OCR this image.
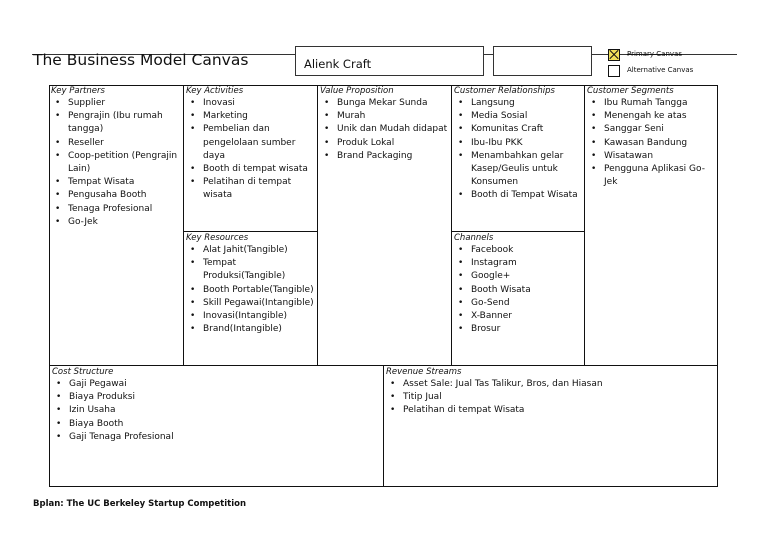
The Business Model Canvas	Alienk Craft
Primary Canvas
Alternative Canvas
Key Partners
• Supplier
• Pengrajin (Ibu rumah tangga)
• Reseller
• Coop-petition (Pengrajin Lain)
• Tempat Wisata
• Pengusaha Booth
• Tenaga Profesional
• Go-Jek
Key Activities
• Inovasi
• Marketing
• Pembelian dan pengelolaan sumber daya
• Booth di tempat wisata
• Pelatihan di tempat wisata
Key Resources
• Alat Jahit(Tangible)
• Tempat Produksi(Tangible)
• Booth Portable(Tangible)
• Skill Pegawai(Intangible)
• Inovasi(Intangible)
• Brand(Intangible)
Value Proposition
• Bunga Mekar Sunda
• Murah
• Unik dan Mudah didapat
• Produk Lokal
• Brand Packaging
Customer Relationships
• Langsung
• Media Sosial
• Komunitas Craft
• Ibu-Ibu PKK
• Menambahkan gelar Kasep/Geulis untuk Konsumen
• Booth di Tempat Wisata
Channels
• Facebook
• Instagram
• Google+
• Booth Wisata
• Go-Send
• X-Banner
• Brosur
Customer Segments
• Ibu Rumah Tangga
• Menengah ke atas
• Sanggar Seni
• Kawasan Bandung
• Wisatawan
• Pengguna Aplikasi Go-Jek
Cost Structure
• Gaji Pegawai
• Biaya Produksi
• Izin Usaha
• Biaya Booth
• Gaji Tenaga Profesional
Revenue Streams
• Asset Sale: Jual Tas Talikur, Bros, dan Hiasan
• Titip Jual
• Pelatihan di tempat Wisata
Bplan: The UC Berkeley Startup Competition
